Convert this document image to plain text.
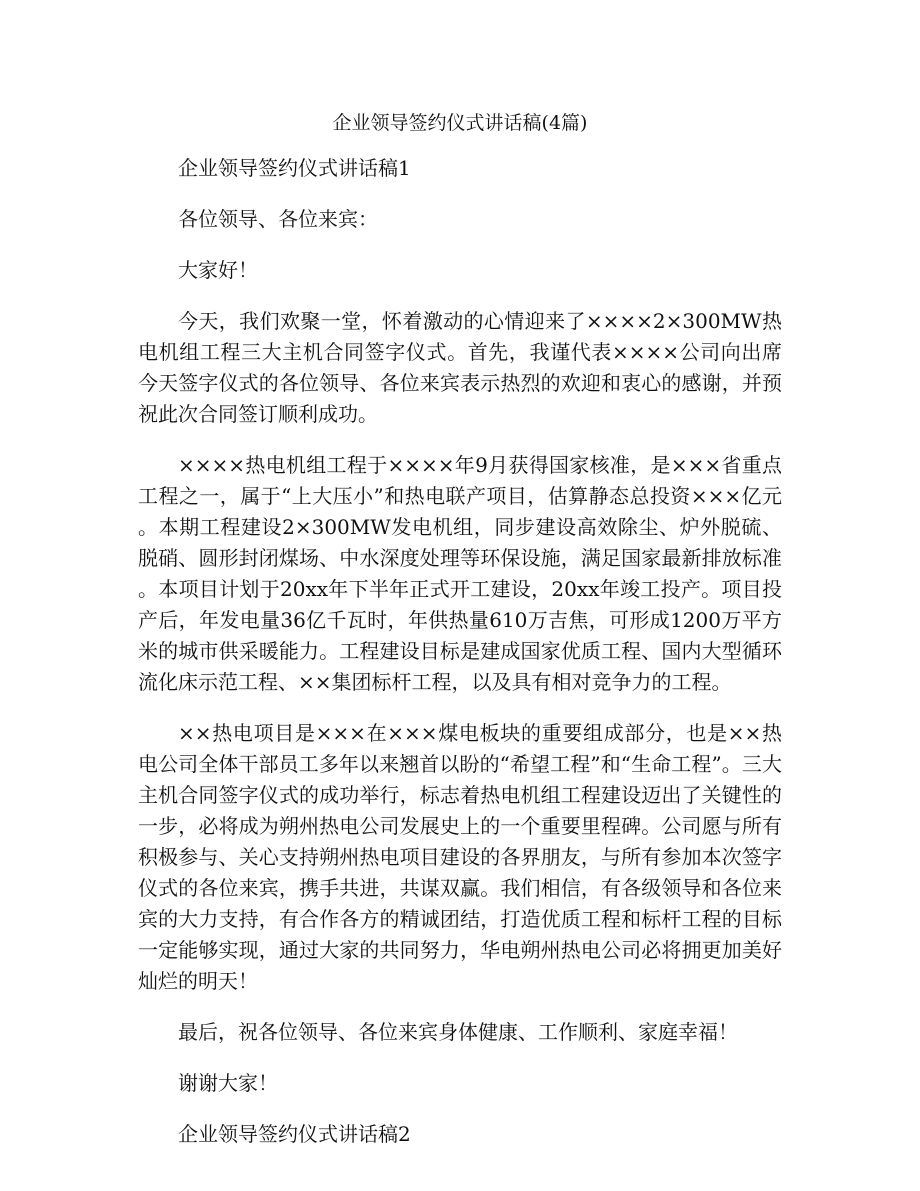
企业领导签约仪式讲话稿(4篇)

企业领导签约仪式讲话稿1

各位领导、各位来宾：

大家好！

今天，我们欢聚一堂，怀着激动的心情迎来了××××2×300MW热电机组工程三大主机合同签字仪式。首先，我谨代表××××公司向出席今天签字仪式的各位领导、各位来宾表示热烈的欢迎和衷心的感谢，并预祝此次合同签订顺利成功。

××××热电机组工程于××××年9月获得国家核准，是×××省重点工程之一，属于“上大压小”和热电联产项目，估算静态总投资×××亿元。本期工程建设2×300MW发电机组，同步建设高效除尘、炉外脱硫、脱硝、圆形封闭煤场、中水深度处理等环保设施，满足国家最新排放标准。本项目计划于20xx年下半年正式开工建设，20xx年竣工投产。项目投产后，年发电量36亿千瓦时，年供热量610万吉焦，可形成1200万平方米的城市供采暖能力。工程建设目标是建成国家优质工程、国内大型循环流化床示范工程、××集团标杆工程，以及具有相对竞争力的工程。

××热电项目是×××在×××煤电板块的重要组成部分，也是××热电公司全体干部员工多年以来翘首以盼的“希望工程”和“生命工程”。三大主机合同签字仪式的成功举行，标志着热电机组工程建设迈出了关键性的一步，必将成为朔州热电公司发展史上的一个重要里程碑。公司愿与所有积极参与、关心支持朔州热电项目建设的各界朋友，与所有参加本次签字仪式的各位来宾，携手共进，共谋双赢。我们相信，有各级领导和各位来宾的大力支持，有合作各方的精诚团结，打造优质工程和标杆工程的目标一定能够实现，通过大家的共同努力，华电朔州热电公司必将拥更加美好灿烂的明天！

最后，祝各位领导、各位来宾身体健康、工作顺利、家庭幸福！

谢谢大家！

企业领导签约仪式讲话稿2
